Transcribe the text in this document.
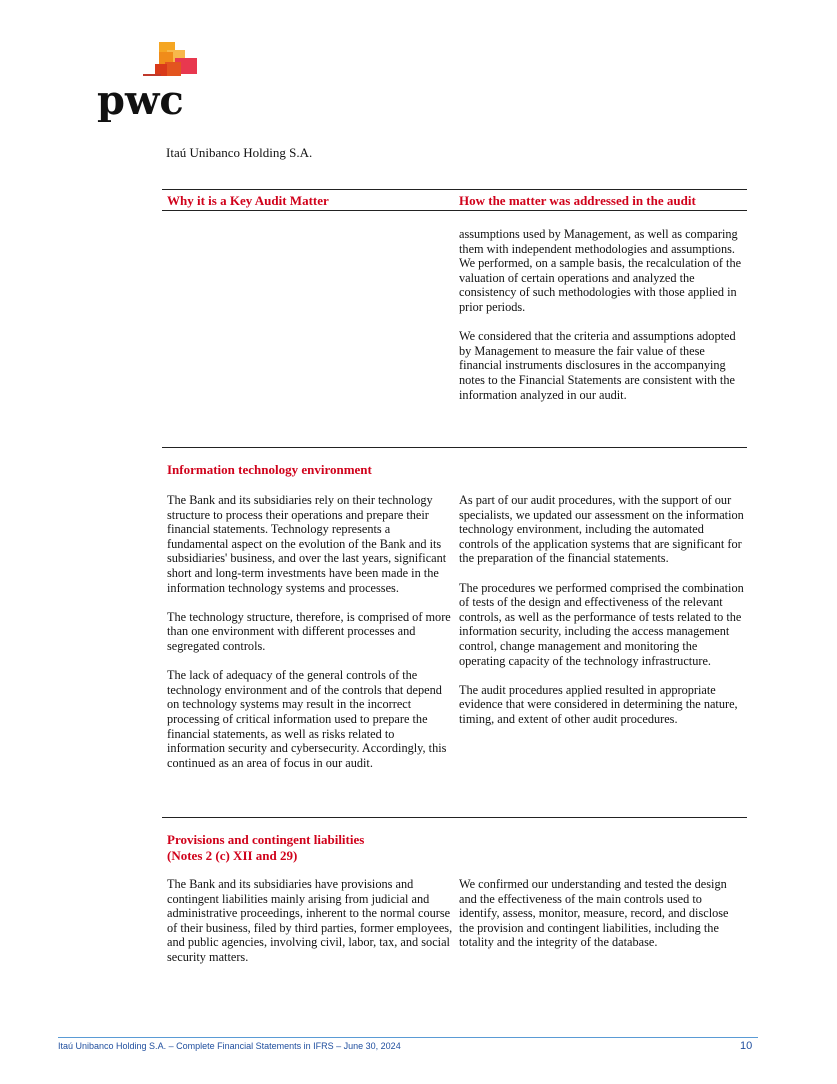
pwc
Itaú Unibanco Holding S.A.
Why it is a Key Audit Matter	How the matter was addressed in the audit

assumptions used by Management, as well as comparing them with independent methodologies and assumptions. We performed, on a sample basis, the recalculation of the valuation of certain operations and analyzed the consistency of such methodologies with those applied in prior periods.

We considered that the criteria and assumptions adopted by Management to measure the fair value of these financial instruments disclosures in the accompanying notes to the Financial Statements are consistent with the information analyzed in our audit.

Information technology environment

The Bank and its subsidiaries rely on their technology structure to process their operations and prepare their financial statements. Technology represents a fundamental aspect on the evolution of the Bank and its subsidiaries' business, and over the last years, significant short and long-term investments have been made in the information technology systems and processes.

The technology structure, therefore, is comprised of more than one environment with different processes and segregated controls.

The lack of adequacy of the general controls of the technology environment and of the controls that depend on technology systems may result in the incorrect processing of critical information used to prepare the financial statements, as well as risks related to information security and cybersecurity. Accordingly, this continued as an area of focus in our audit.

As part of our audit procedures, with the support of our specialists, we updated our assessment on the information technology environment, including the automated controls of the application systems that are significant for the preparation of the financial statements.

The procedures we performed comprised the combination of tests of the design and effectiveness of the relevant controls, as well as the performance of tests related to the information security, including the access management control, change management and monitoring the operating capacity of the technology infrastructure.

The audit procedures applied resulted in appropriate evidence that were considered in determining the nature, timing, and extent of other audit procedures.

Provisions and contingent liabilities
(Notes 2 (c) XII and 29)

The Bank and its subsidiaries have provisions and contingent liabilities mainly arising from judicial and administrative proceedings, inherent to the normal course of their business, filed by third parties, former employees, and public agencies, involving civil, labor, tax, and social security matters.

We confirmed our understanding and tested the design and the effectiveness of the main controls used to identify, assess, monitor, measure, record, and disclose the provision and contingent liabilities, including the totality and the integrity of the database.

Itaú Unibanco Holding S.A. – Complete Financial Statements in IFRS – June 30, 2024	10
